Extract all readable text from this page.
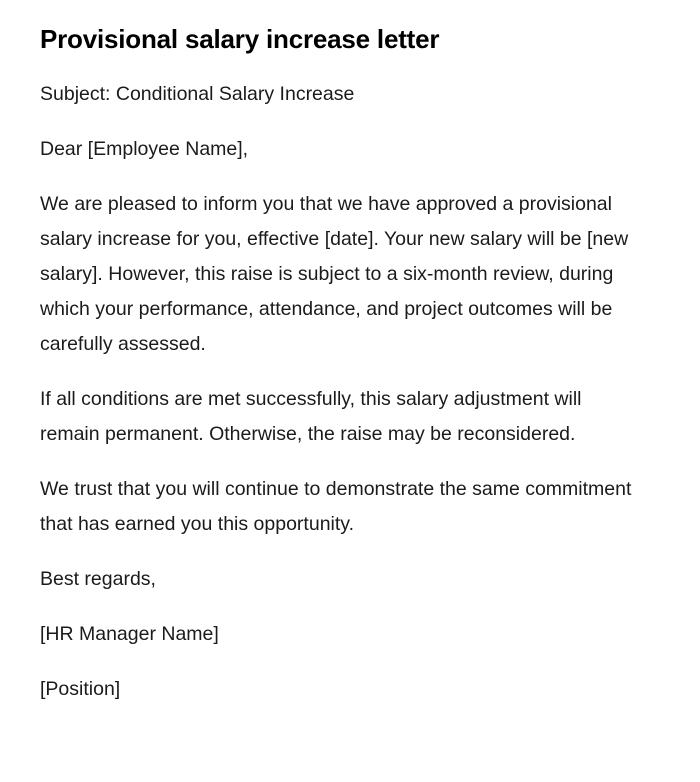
Provisional salary increase letter

Subject: Conditional Salary Increase

Dear [Employee Name],

We are pleased to inform you that we have approved a provisional salary increase for you, effective [date]. Your new salary will be [new salary]. However, this raise is subject to a six-month review, during which your performance, attendance, and project outcomes will be carefully assessed.

If all conditions are met successfully, this salary adjustment will remain permanent. Otherwise, the raise may be reconsidered.

We trust that you will continue to demonstrate the same commitment that has earned you this opportunity.

Best regards,

[HR Manager Name]

[Position]
